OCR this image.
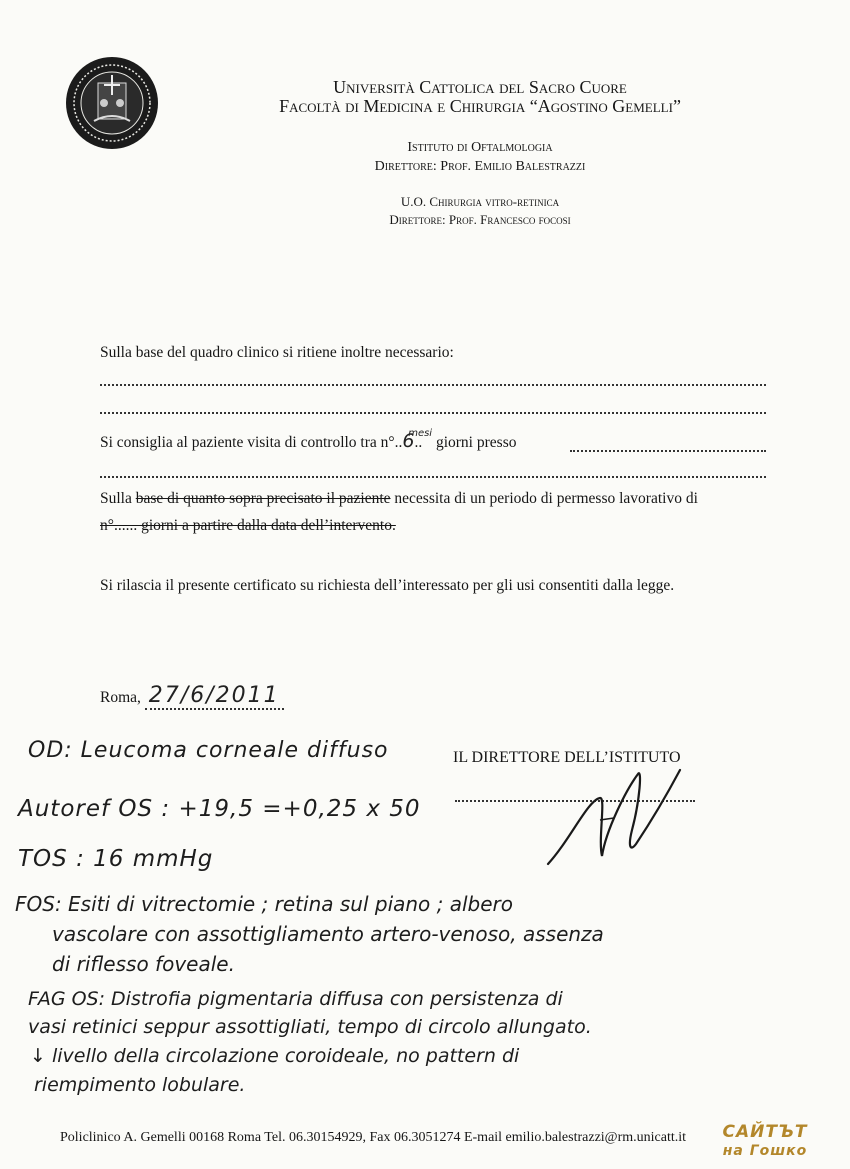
Università Cattolica del Sacro Cuore
Facoltà di Medicina e Chirurgia “Agostino Gemelli”
Istituto di Oftalmologia
Direttore: Prof. Emilio Balestrazzi
U.O. Chirurgia vitro-retinica
Direttore: Prof. Francesco focosi
Sulla base del quadro clinico si ritiene inoltre necessario:
Si consiglia al paziente visita di controllo tra n°..6..$^{mesi}$ giorni presso
Sulla base di quanto sopra precisato il paziente necessita di un periodo di permesso lavorativo di
n°...... giorni a partire dalla data dell’intervento.
Si rilascia il presente certificato su richiesta dell’interessato per gli usi consentiti dalla legge.
Roma, 27/6/2011
IL DIRETTORE DELL’ISTITUTO
OD: Leucoma corneale diffuso
Autoref OS : +19,5 =+0,25 x 50
TOS : 16 mmHg
FOS: Esiti di vitrectomie ; retina sul piano ; albero
vascolare con assottigliamento artero-venoso, assenza
di riflesso foveale.
FAG OS: Distrofia pigmentaria diffusa con persistenza di
vasi retinici seppur assottigliati, tempo di circolo allungato.
↓ livello della circolazione coroideale, no pattern di
riempimento lobulare.
Policlinico A. Gemelli 00168 Roma Tel. 06.30154929, Fax 06.3051274 E-mail emilio.balestrazzi@rm.unicatt.it	САЙТЪТ
на Гошко
